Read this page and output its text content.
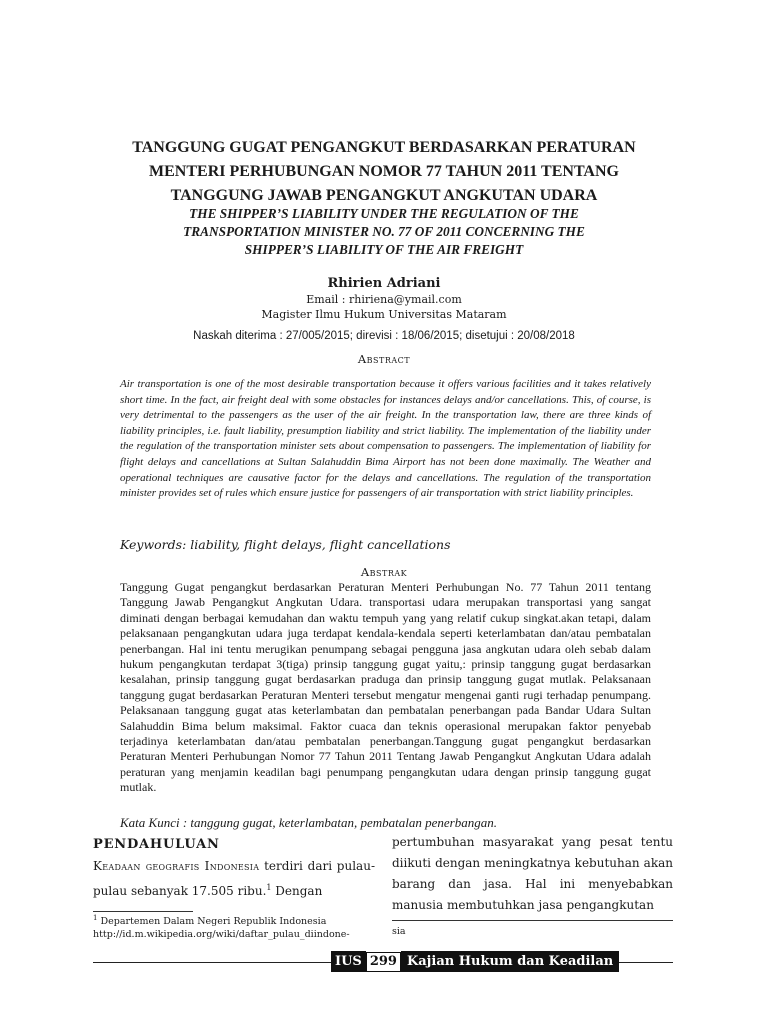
TANGGUNG GUGAT PENGANGKUT BERDASARKAN PERATURAN
MENTERI PERHUBUNGAN NOMOR 77 TAHUN 2011 TENTANG
TANGGUNG JAWAB PENGANGKUT ANGKUTAN UDARA
THE SHIPPER’S LIABILITY UNDER THE REGULATION OF THE
TRANSPORTATION MINISTER NO. 77 OF 2011 CONCERNING THE
SHIPPER’S LIABILITY OF THE AIR FREIGHT
Rhirien Adriani
Email : rhiriena@ymail.com
Magister Ilmu Hukum Universitas Mataram
Naskah diterima : 27/005/2015; direvisi : 18/06/2015; disetujui : 20/08/2018
Abstract

Air transportation is one of the most desirable transportation because it offers various facilities and it takes relatively short time. In the fact, air freight deal with some obstacles for instances delays and/or cancellations. This, of course, is very detrimental to the passengers as the user of the air freight. In the transportation law, there are three kinds of liability principles, i.e. fault liability, presumption liability and strict liability. The implementation of the liability under the regulation of the transportation minister sets about compensation to passengers. The implementation of liability for flight delays and cancellations at Sultan Salahuddin Bima Airport has not been done maximally. The Weather and operational techniques are causative factor for the delays and cancellations. The regulation of the transportation minister provides set of rules which ensure justice for passengers of air transportation with strict liability principles.

Keywords: liability, flight delays, flight cancellations
Abstrak

Tanggung Gugat pengangkut berdasarkan Peraturan Menteri Perhubungan No. 77 Tahun 2011 tentang Tanggung Jawab Pengangkut Angkutan Udara. transportasi udara merupakan transportasi yang sangat diminati dengan berbagai kemudahan dan waktu tempuh yang yang relatif cukup singkat.akan tetapi, dalam pelaksanaan pengangkutan udara juga terdapat kendala-kendala seperti keterlambatan dan/atau pembatalan penerbangan. Hal ini tentu merugikan penumpang sebagai pengguna jasa angkutan udara oleh sebab dalam hukum pengangkutan terdapat 3(tiga) prinsip tanggung gugat yaitu,: prinsip tanggung gugat berdasarkan kesalahan, prinsip tanggung gugat berdasarkan praduga dan prinsip tanggung gugat mutlak. Pelaksanaan tanggung gugat berdasarkan Peraturan Menteri tersebut mengatur mengenai ganti rugi terhadap penumpang. Pelaksanaan tanggung gugat atas keterlambatan dan pembatalan penerbangan pada Bandar Udara Sultan Salahuddin Bima belum maksimal. Faktor cuaca dan teknis operasional merupakan faktor penyebab terjadinya keterlambatan dan/atau pembatalan penerbangan.Tanggung gugat pengangkut berdasarkan Peraturan Menteri Perhubungan Nomor 77 Tahun 2011 Tentang Jawab Pengangkut Angkutan Udara adalah peraturan yang menjamin keadilan bagi penumpang pengangkutan udara dengan prinsip tanggung gugat mutlak.

Kata Kunci : tanggung gugat, keterlambatan, pembatalan penerbangan.
PENDAHULUAN

Keadaan geografis Indonesia terdiri dari pulau-pulau sebanyak 17.505 ribu.$^1$ Dengan

pertumbuhan masyarakat yang pesat tentu diikuti dengan meningkatnya kebutuhan akan barang dan jasa. Hal ini menyebabkan manusia membutuhkan jasa pengangkutan

$^1$ Departemen Dalam Negeri Republik Indonesia http://id.m.wikipedia.org/wiki/daftar_pulau_diindone-	sia
IUS 299 Kajian Hukum dan Keadilan
